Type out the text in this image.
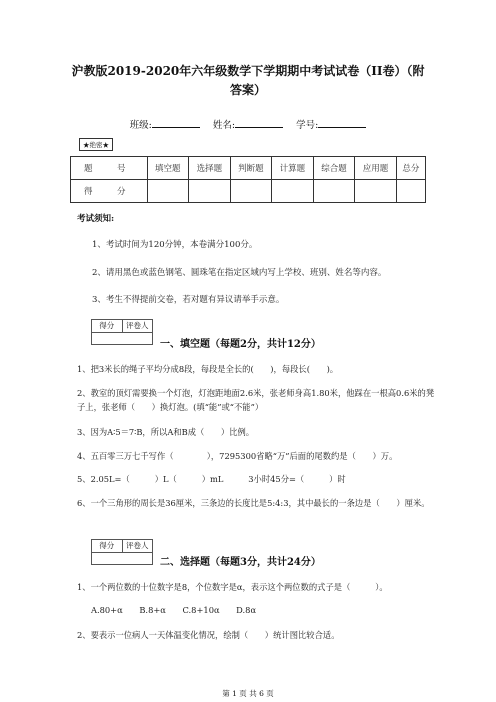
沪教版2019-2020年六年级数学下学期期中考试试卷（II卷）（附
答案）
班级:	姓名:	学号:
★绝密★
题　号	填空题	选择题	判断题	计算题	综合题	应用题	总分
得　分							
考试须知:
1、考试时间为120分钟，本卷满分100分。
2、请用黑色或蓝色钢笔、圆珠笔在指定区域内写上学校、班别、姓名等内容。
3、考生不得提前交卷，若对题有异议请举手示意。
得分	评卷人
一、填空题（每题2分，共计12分）
1、把3米长的绳子平均分成8段，每段是全长的(　　)，每段长(　　)。
2、教室的顶灯需要换一个灯泡，灯泡距地面2.6米，张老师身高1.80米，他踩在一根高0.6米的凳子上，张老师（　　）换灯泡。(填“能”或“不能”）
3、因为A∶5＝7∶B，所以A和B成（　　）比例。
4、五百零三万七千写作（　　　　），7295300省略“万”后面的尾数约是（　　）万。
5、2.05L=（　　　）L（　　　）mL　　　3小时45分=（　　　）时
6、一个三角形的周长是36厘米，三条边的长度比是5:4:3，其中最长的一条边是（　　）厘米。
得分	评卷人
二、选择题（每题3分，共计24分）
1、一个两位数的十位数字是8，个位数字是α，表示这个两位数的式子是（　　　）。
A.80+α　　B.8+α　　C.8+10α　　D.8α
2、要表示一位病人一天体温变化情况，绘制（　　）统计图比较合适。
第 1 页 共 6 页
